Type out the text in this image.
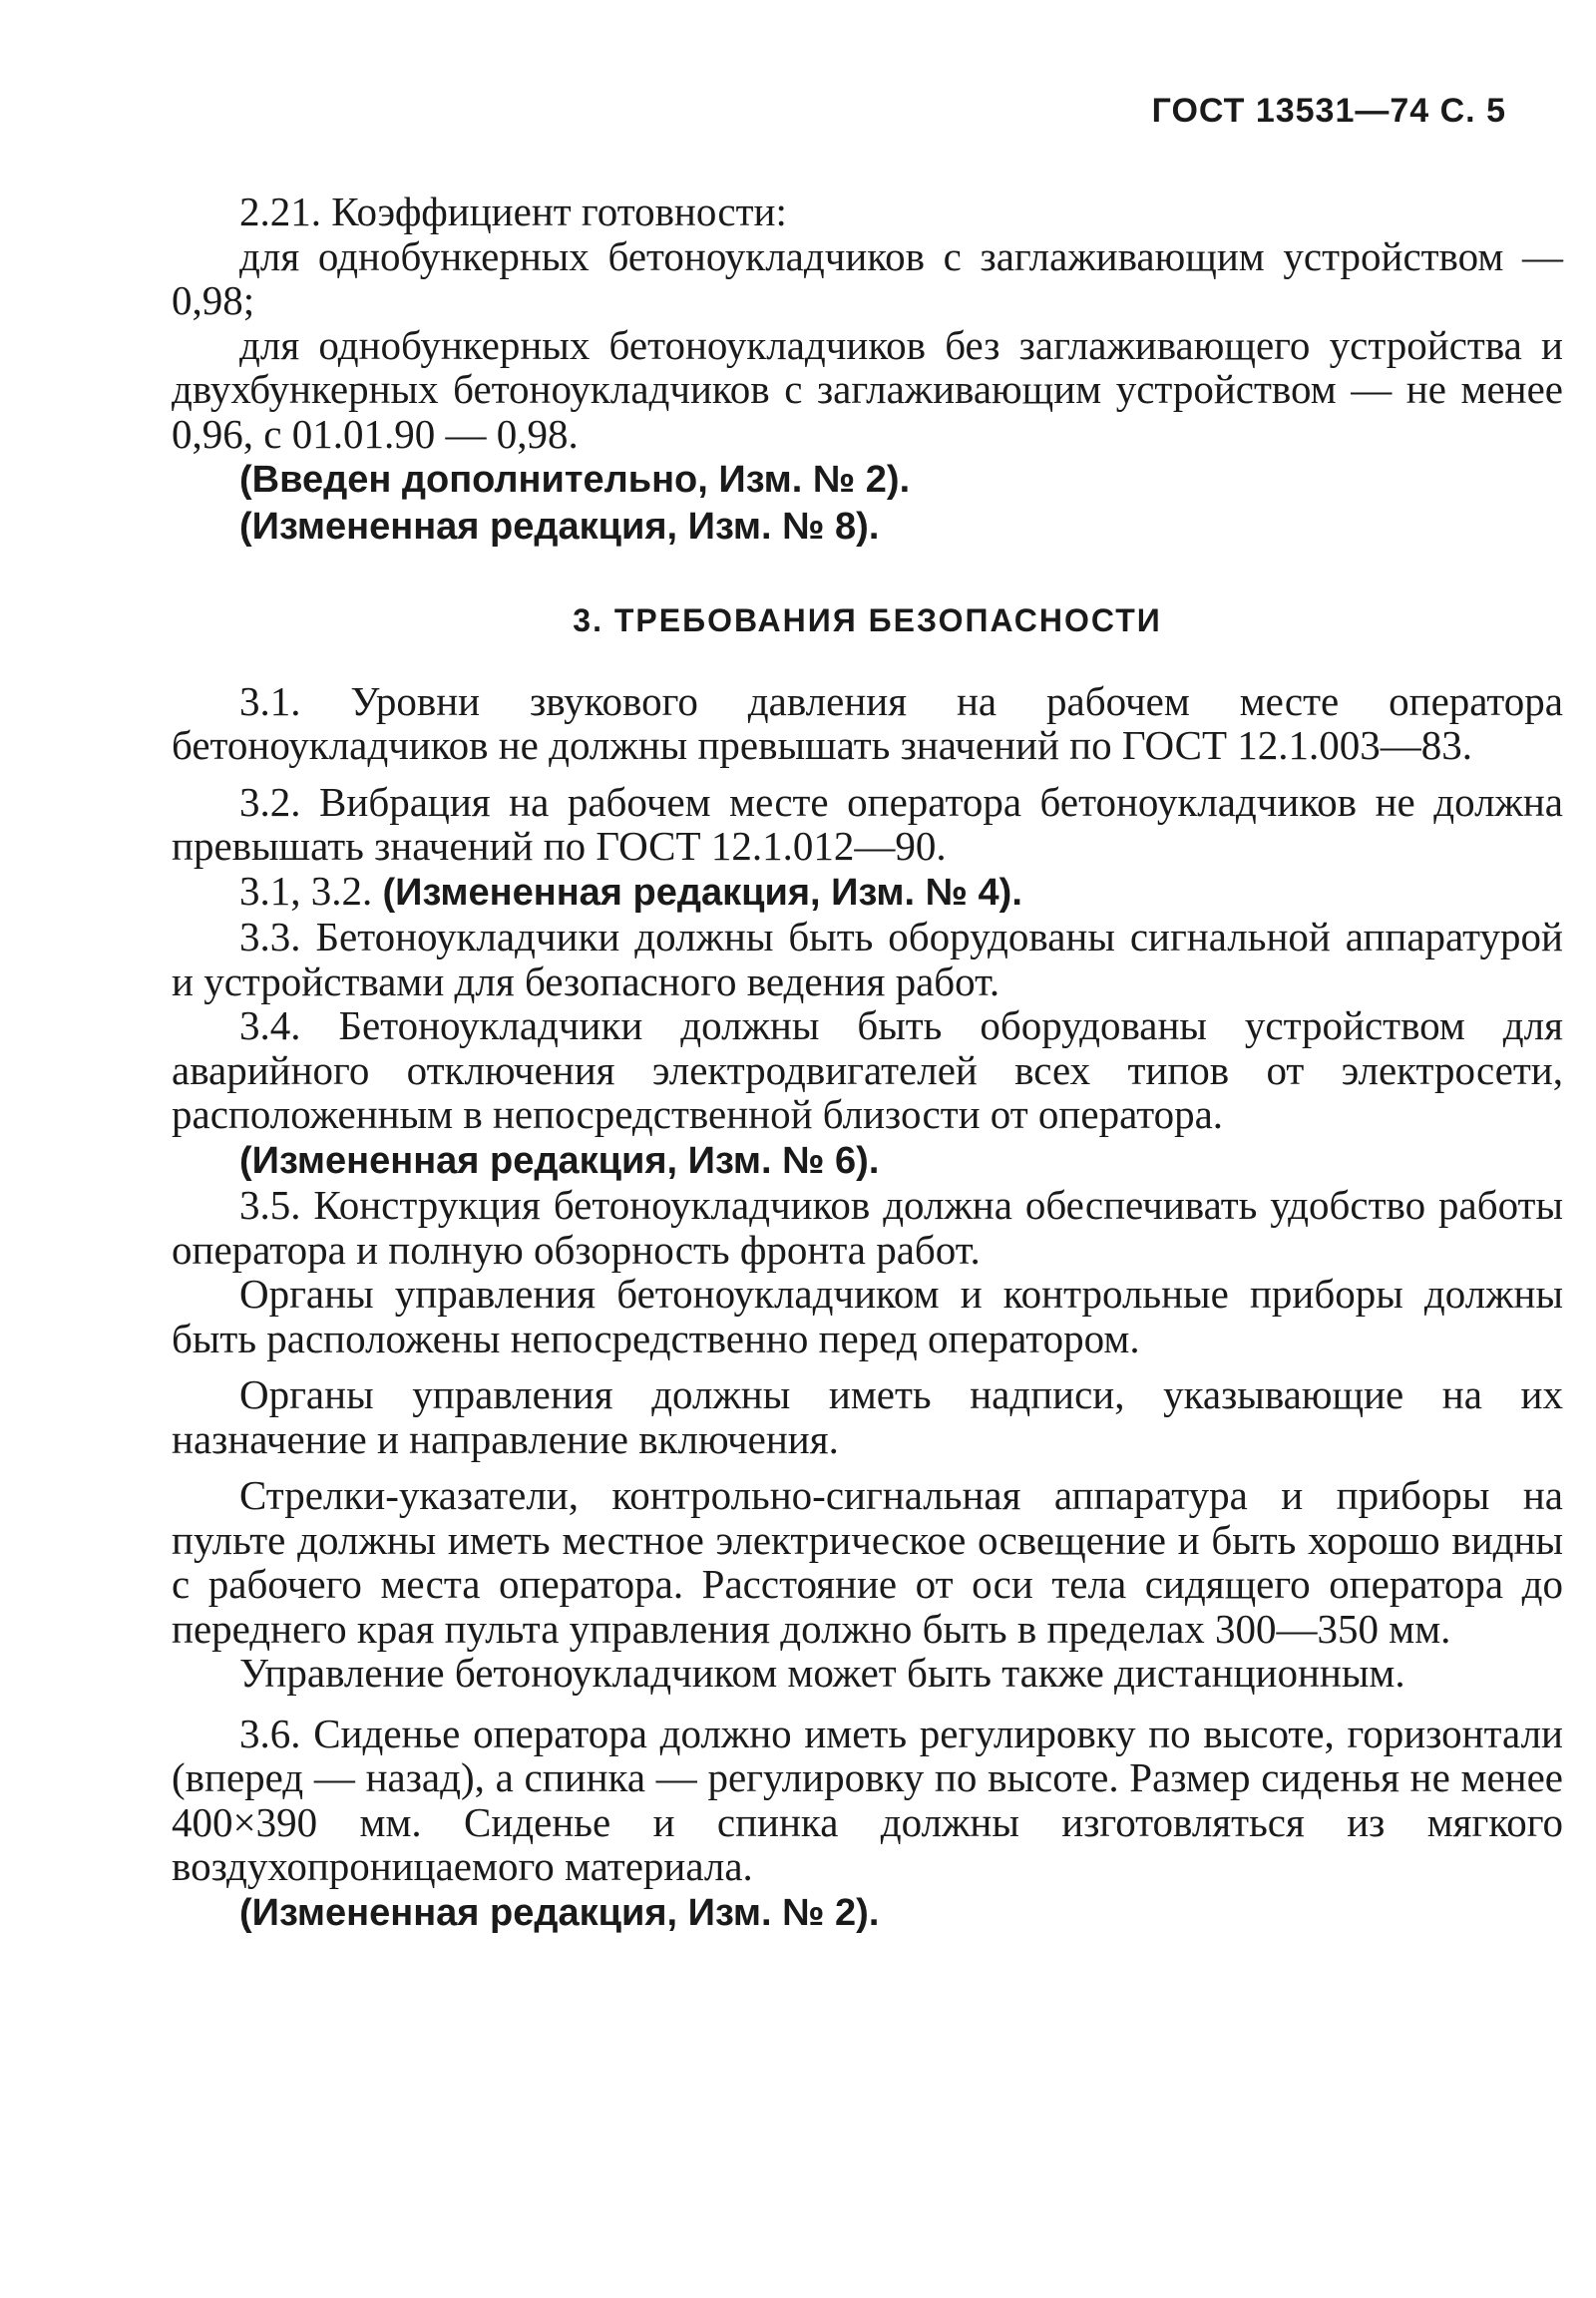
ГОСТ 13531—74 С. 5

2.21. Коэффициент готовности:

для однобункерных бетоноукладчиков с заглаживающим устройством — 0,98;

для однобункерных бетоноукладчиков без заглаживающего устройства и двухбункерных бетоноукладчиков с заглаживающим устройством — не менее 0,96, с 01.01.90 — 0,98.

(Введен дополнительно, Изм. № 2).

(Измененная редакция, Изм. № 8).

3. ТРЕБОВАНИЯ БЕЗОПАСНОСТИ

3.1. Уровни звукового давления на рабочем месте оператора бетоноукладчиков не должны превышать значений по ГОСТ 12.1.003—83.

3.2. Вибрация на рабочем месте оператора бетоноукладчиков не должна превышать значений по ГОСТ 12.1.012—90.

3.1, 3.2. (Измененная редакция, Изм. № 4).

3.3. Бетоноукладчики должны быть оборудованы сигнальной аппаратурой и устройствами для безопасного ведения работ.

3.4. Бетоноукладчики должны быть оборудованы устройством для аварийного отключения электродвигателей всех типов от электросети, расположенным в непосредственной близости от оператора.

(Измененная редакция, Изм. № 6).

3.5. Конструкция бетоноукладчиков должна обеспечивать удобство работы оператора и полную обзорность фронта работ.

Органы управления бетоноукладчиком и контрольные приборы должны быть расположены непосредственно перед оператором.

Органы управления должны иметь надписи, указывающие на их назначение и направление включения.

Стрелки-указатели, контрольно-сигнальная аппаратура и приборы на пульте должны иметь местное электрическое освещение и быть хорошо видны с рабочего места оператора. Расстояние от оси тела сидящего оператора до переднего края пульта управления должно быть в пределах 300—350 мм.

Управление бетоноукладчиком может быть также дистанционным.

3.6. Сиденье оператора должно иметь регулировку по высоте, горизонтали (вперед — назад), а спинка — регулировку по высоте. Размер сиденья не менее 400×390 мм. Сиденье и спинка должны изготовляться из мягкого воздухопроницаемого материала.

(Измененная редакция, Изм. № 2).
